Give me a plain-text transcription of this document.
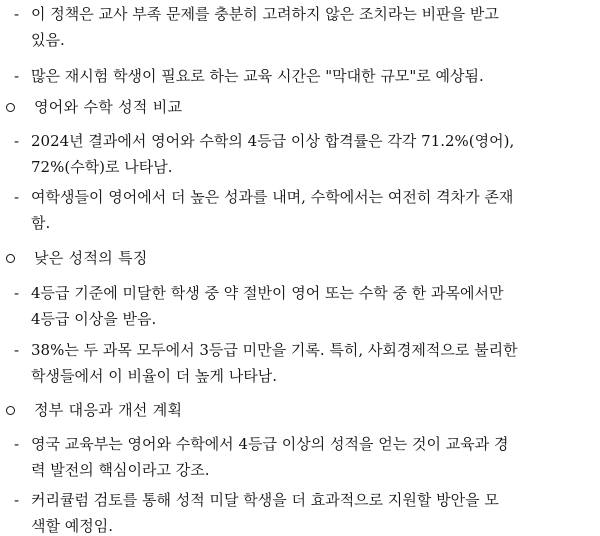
- 이 정책은 교사 부족 문제를 충분히 고려하지 않은 조치라는 비판을 받고
있음.
- 많은 재시험 학생이 필요로 하는 교육 시간은 "막대한 규모"로 예상됨.
영어와 수학 성적 비교
- 2024년 결과에서 영어와 수학의 4등급 이상 합격률은 각각 71.2%(영어),
72%(수학)로 나타남.
- 여학생들이 영어에서 더 높은 성과를 내며, 수학에서는 여전히 격차가 존재
함.
낮은 성적의 특징
- 4등급 기준에 미달한 학생 중 약 절반이 영어 또는 수학 중 한 과목에서만
4등급 이상을 받음.
- 38%는 두 과목 모두에서 3등급 미만을 기록. 특히, 사회경제적으로 불리한
학생들에서 이 비율이 더 높게 나타남.
정부 대응과 개선 계획
- 영국 교육부는 영어와 수학에서 4등급 이상의 성적을 얻는 것이 교육과 경
력 발전의 핵심이라고 강조.
- 커리큘럼 검토를 통해 성적 미달 학생을 더 효과적으로 지원할 방안을 모
색할 예정임.
